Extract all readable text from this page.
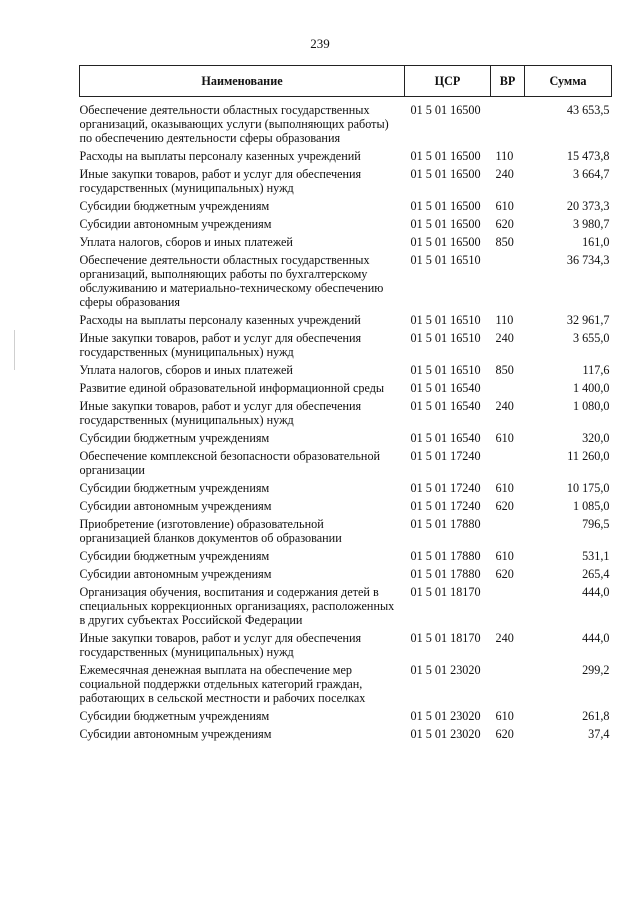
239
Наименование	ЦСР	ВР	Сумма
Обеспечение деятельности областных государственных организаций, оказывающих услуги (выполняющих работы) по обеспечению деятельности сферы образования	01 5 01 16500		43 653,5
Расходы на выплаты персоналу казенных учреждений	01 5 01 16500	110	15 473,8
Иные закупки товаров, работ и услуг для обеспечения государственных (муниципальных) нужд	01 5 01 16500	240	3 664,7
Субсидии бюджетным учреждениям	01 5 01 16500	610	20 373,3
Субсидии автономным учреждениям	01 5 01 16500	620	3 980,7
Уплата налогов, сборов и иных платежей	01 5 01 16500	850	161,0
Обеспечение деятельности областных государственных организаций, выполняющих работы по бухгалтерскому обслуживанию и материально-техническому обеспечению сферы образования	01 5 01 16510		36 734,3
Расходы на выплаты персоналу казенных учреждений	01 5 01 16510	110	32 961,7
Иные закупки товаров, работ и услуг для обеспечения государственных (муниципальных) нужд	01 5 01 16510	240	3 655,0
Уплата налогов, сборов и иных платежей	01 5 01 16510	850	117,6
Развитие единой образовательной информационной среды	01 5 01 16540		1 400,0
Иные закупки товаров, работ и услуг для обеспечения государственных (муниципальных) нужд	01 5 01 16540	240	1 080,0
Субсидии бюджетным учреждениям	01 5 01 16540	610	320,0
Обеспечение комплексной безопасности образовательной организации	01 5 01 17240		11 260,0
Субсидии бюджетным учреждениям	01 5 01 17240	610	10 175,0
Субсидии автономным учреждениям	01 5 01 17240	620	1 085,0
Приобретение (изготовление) образовательной организацией бланков документов об образовании	01 5 01 17880		796,5
Субсидии бюджетным учреждениям	01 5 01 17880	610	531,1
Субсидии автономным учреждениям	01 5 01 17880	620	265,4
Организация обучения, воспитания и содержания детей в специальных коррекционных организациях, расположенных в других субъектах Российской Федерации	01 5 01 18170		444,0
Иные закупки товаров, работ и услуг для обеспечения государственных (муниципальных) нужд	01 5 01 18170	240	444,0
Ежемесячная денежная выплата на обеспечение мер социальной поддержки отдельных категорий граждан, работающих в сельской местности и рабочих поселках	01 5 01 23020		299,2
Субсидии бюджетным учреждениям	01 5 01 23020	610	261,8
Субсидии автономным учреждениям	01 5 01 23020	620	37,4
